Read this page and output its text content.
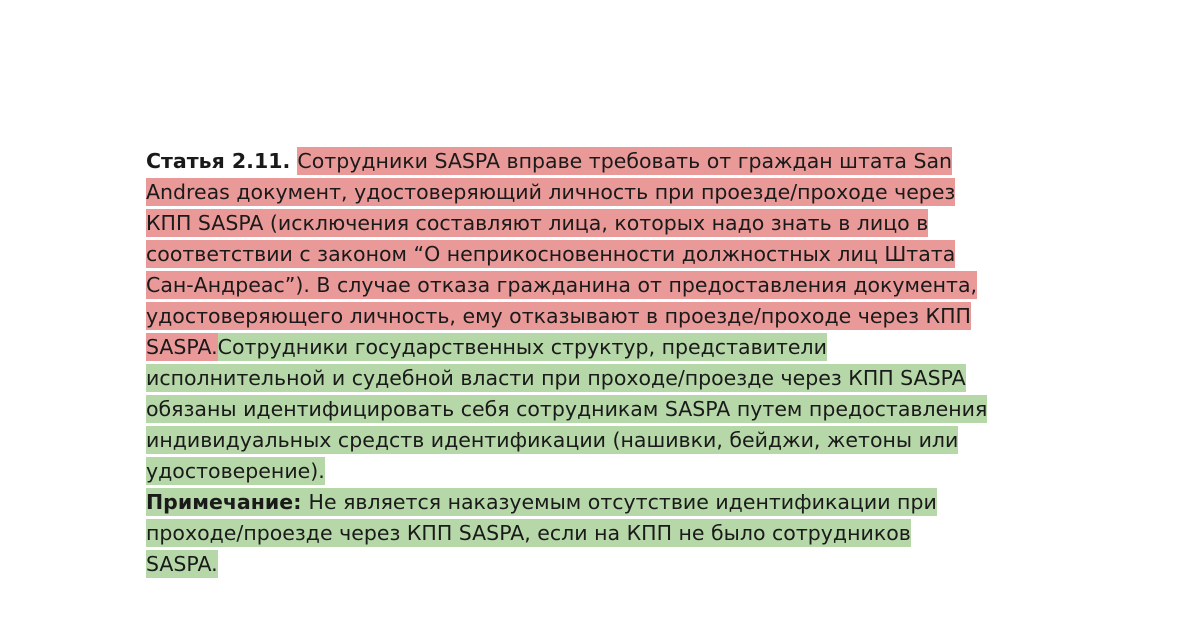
Статья 2.11. Сотрудники SASPA вправе требовать от граждан штата San
Andreas документ, удостоверяющий личность при проезде/проходе через
КПП SASPA (исключения составляют лица, которых надо знать в лицо в
соответствии с законом “О неприкосновенности должностных лиц Штата
Сан-Андреас”). В случае отказа гражданина от предоставления документа,
удостоверяющего личность, ему отказывают в проезде/проходе через КПП
SASPA.Сотрудники государственных структур, представители
исполнительной и судебной власти при проходе/проезде через КПП SASPA
обязаны идентифицировать себя сотрудникам SASPA путем предоставления
индивидуальных средств идентификации (нашивки, бейджи, жетоны или
удостоверение).
Примечание: Не является наказуемым отсутствие идентификации при
проходе/проезде через КПП SASPA, если на КПП не было сотрудников
SASPA.
